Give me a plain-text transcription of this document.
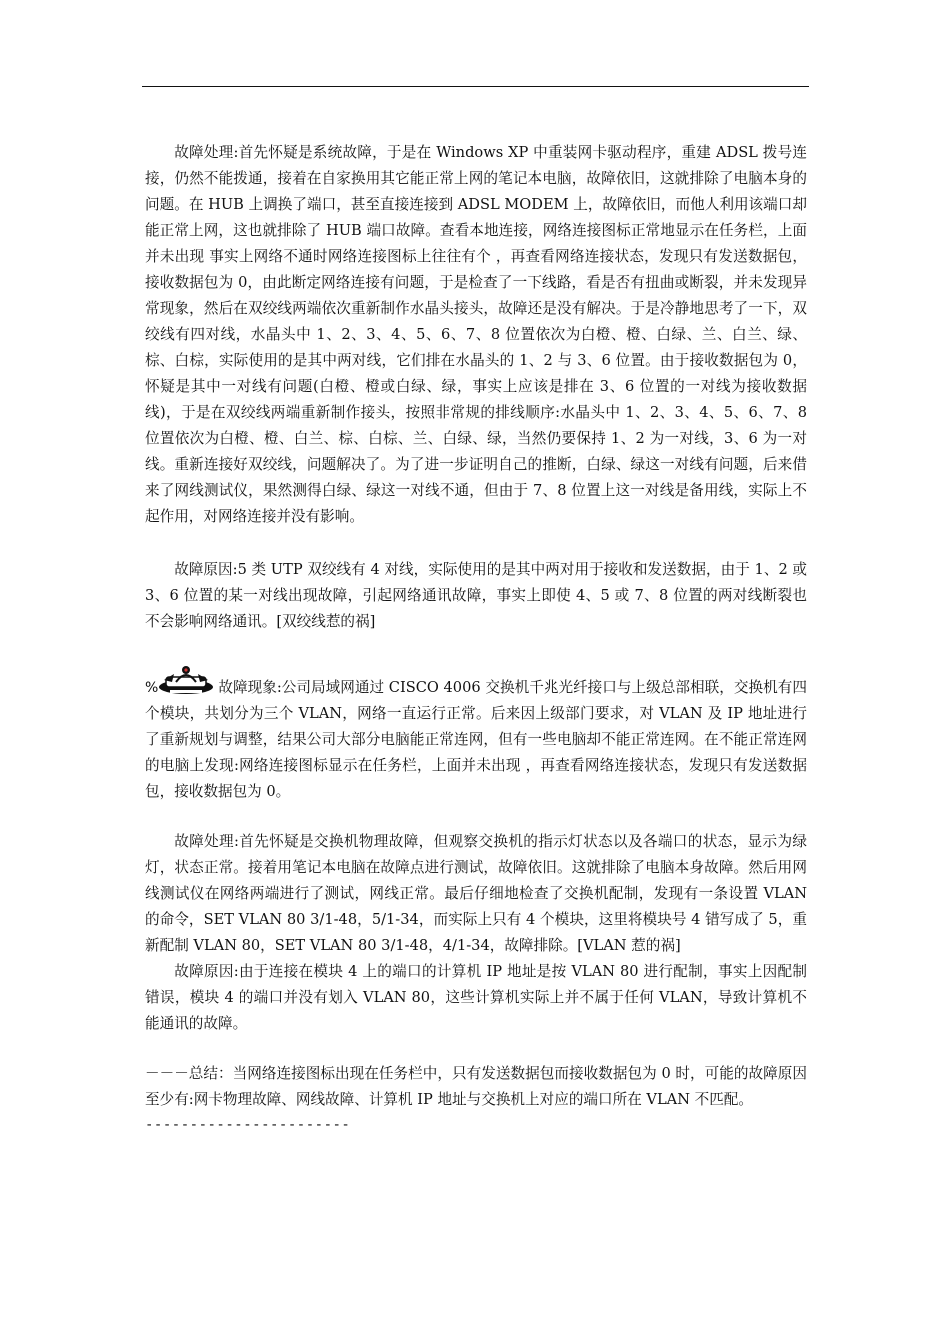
故障处理:首先怀疑是系统故障，于是在 Windows XP 中重装网卡驱动程序，重建 ADSL 拨号连接，仍然不能拨通，接着在自家换用其它能正常上网的笔记本电脑，故障依旧，这就排除了电脑本身的问题。在 HUB 上调换了端口，甚至直接连接到 ADSL MODEM 上，故障依旧，而他人利用该端口却能正常上网，这也就排除了 HUB 端口故障。查看本地连接，网络连接图标正常地显示在任务栏，上面并未出现 事实上网络不通时网络连接图标上往往有个 ，再查看网络连接状态，发现只有发送数据包，接收数据包为 0，由此断定网络连接有问题，于是检查了一下线路，看是否有扭曲或断裂，并未发现异常现象，然后在双绞线两端依次重新制作水晶头接头，故障还是没有解决。于是冷静地思考了一下，双绞线有四对线，水晶头中 1、2、3、4、5、6、7、8 位置依次为白橙、橙、白绿、兰、白兰、绿、棕、白棕，实际使用的是其中两对线，它们排在水晶头的 1、2 与 3、6 位置。由于接收数据包为 0，怀疑是其中一对线有问题(白橙、橙或白绿、绿，事实上应该是排在 3、6 位置的一对线为接收数据线)，于是在双绞线两端重新制作接头，按照非常规的排线顺序:水晶头中 1、2、3、4、5、6、7、8 位置依次为白橙、橙、白兰、棕、白棕、兰、白绿、绿，当然仍要保持 1、2 为一对线，3、6 为一对线。重新连接好双绞线，问题解决了。为了进一步证明自己的推断，白绿、绿这一对线有问题，后来借来了网线测试仪，果然测得白绿、绿这一对线不通，但由于 7、8 位置上这一对线是备用线，实际上不起作用，对网络连接并没有影响。

故障原因:5 类 UTP 双绞线有 4 对线，实际使用的是其中两对用于接收和发送数据，由于 1、2 或 3、6 位置的某一对线出现故障，引起网络通讯故障，事实上即使 4、5 或 7、8 位置的两对线断裂也不会影响网络通讯。[双绞线惹的祸]

%	故障现象:公司局域网通过 CISCO 4006 交换机千兆光纤接口与上级总部相联，交换机有四个模块，共划分为三个 VLAN，网络一直运行正常。后来因上级部门要求，对 VLAN 及 IP 地址进行了重新规划与调整，结果公司大部分电脑能正常连网，但有一些电脑却不能正常连网。在不能正常连网的电脑上发现:网络连接图标显示在任务栏，上面并未出现 ，再查看网络连接状态，发现只有发送数据包，接收数据包为 0。

故障处理:首先怀疑是交换机物理故障，但观察交换机的指示灯状态以及各端口的状态，显示为绿灯，状态正常。接着用笔记本电脑在故障点进行测试，故障依旧。这就排除了电脑本身故障。然后用网线测试仪在网络两端进行了测试，网线正常。最后仔细地检查了交换机配制，发现有一条设置 VLAN 的命令，SET VLAN 80 3/1-48，5/1-34，而实际上只有 4 个模块，这里将模块号 4 错写成了 5，重新配制 VLAN 80，SET VLAN 80 3/1-48，4/1-34，故障排除。[VLAN 惹的祸]

故障原因:由于连接在模块 4 上的端口的计算机 IP 地址是按 VLAN 80 进行配制，事实上因配制错误，模块 4 的端口并没有划入 VLAN 80，这些计算机实际上并不属于任何 VLAN，导致计算机不能通讯的故障。

－－－总结：当网络连接图标出现在任务栏中，只有发送数据包而接收数据包为 0 时，可能的故障原因至少有:网卡物理故障、网线故障、计算机 IP 地址与交换机上对应的端口所在 VLAN 不匹配。

-----------------------
